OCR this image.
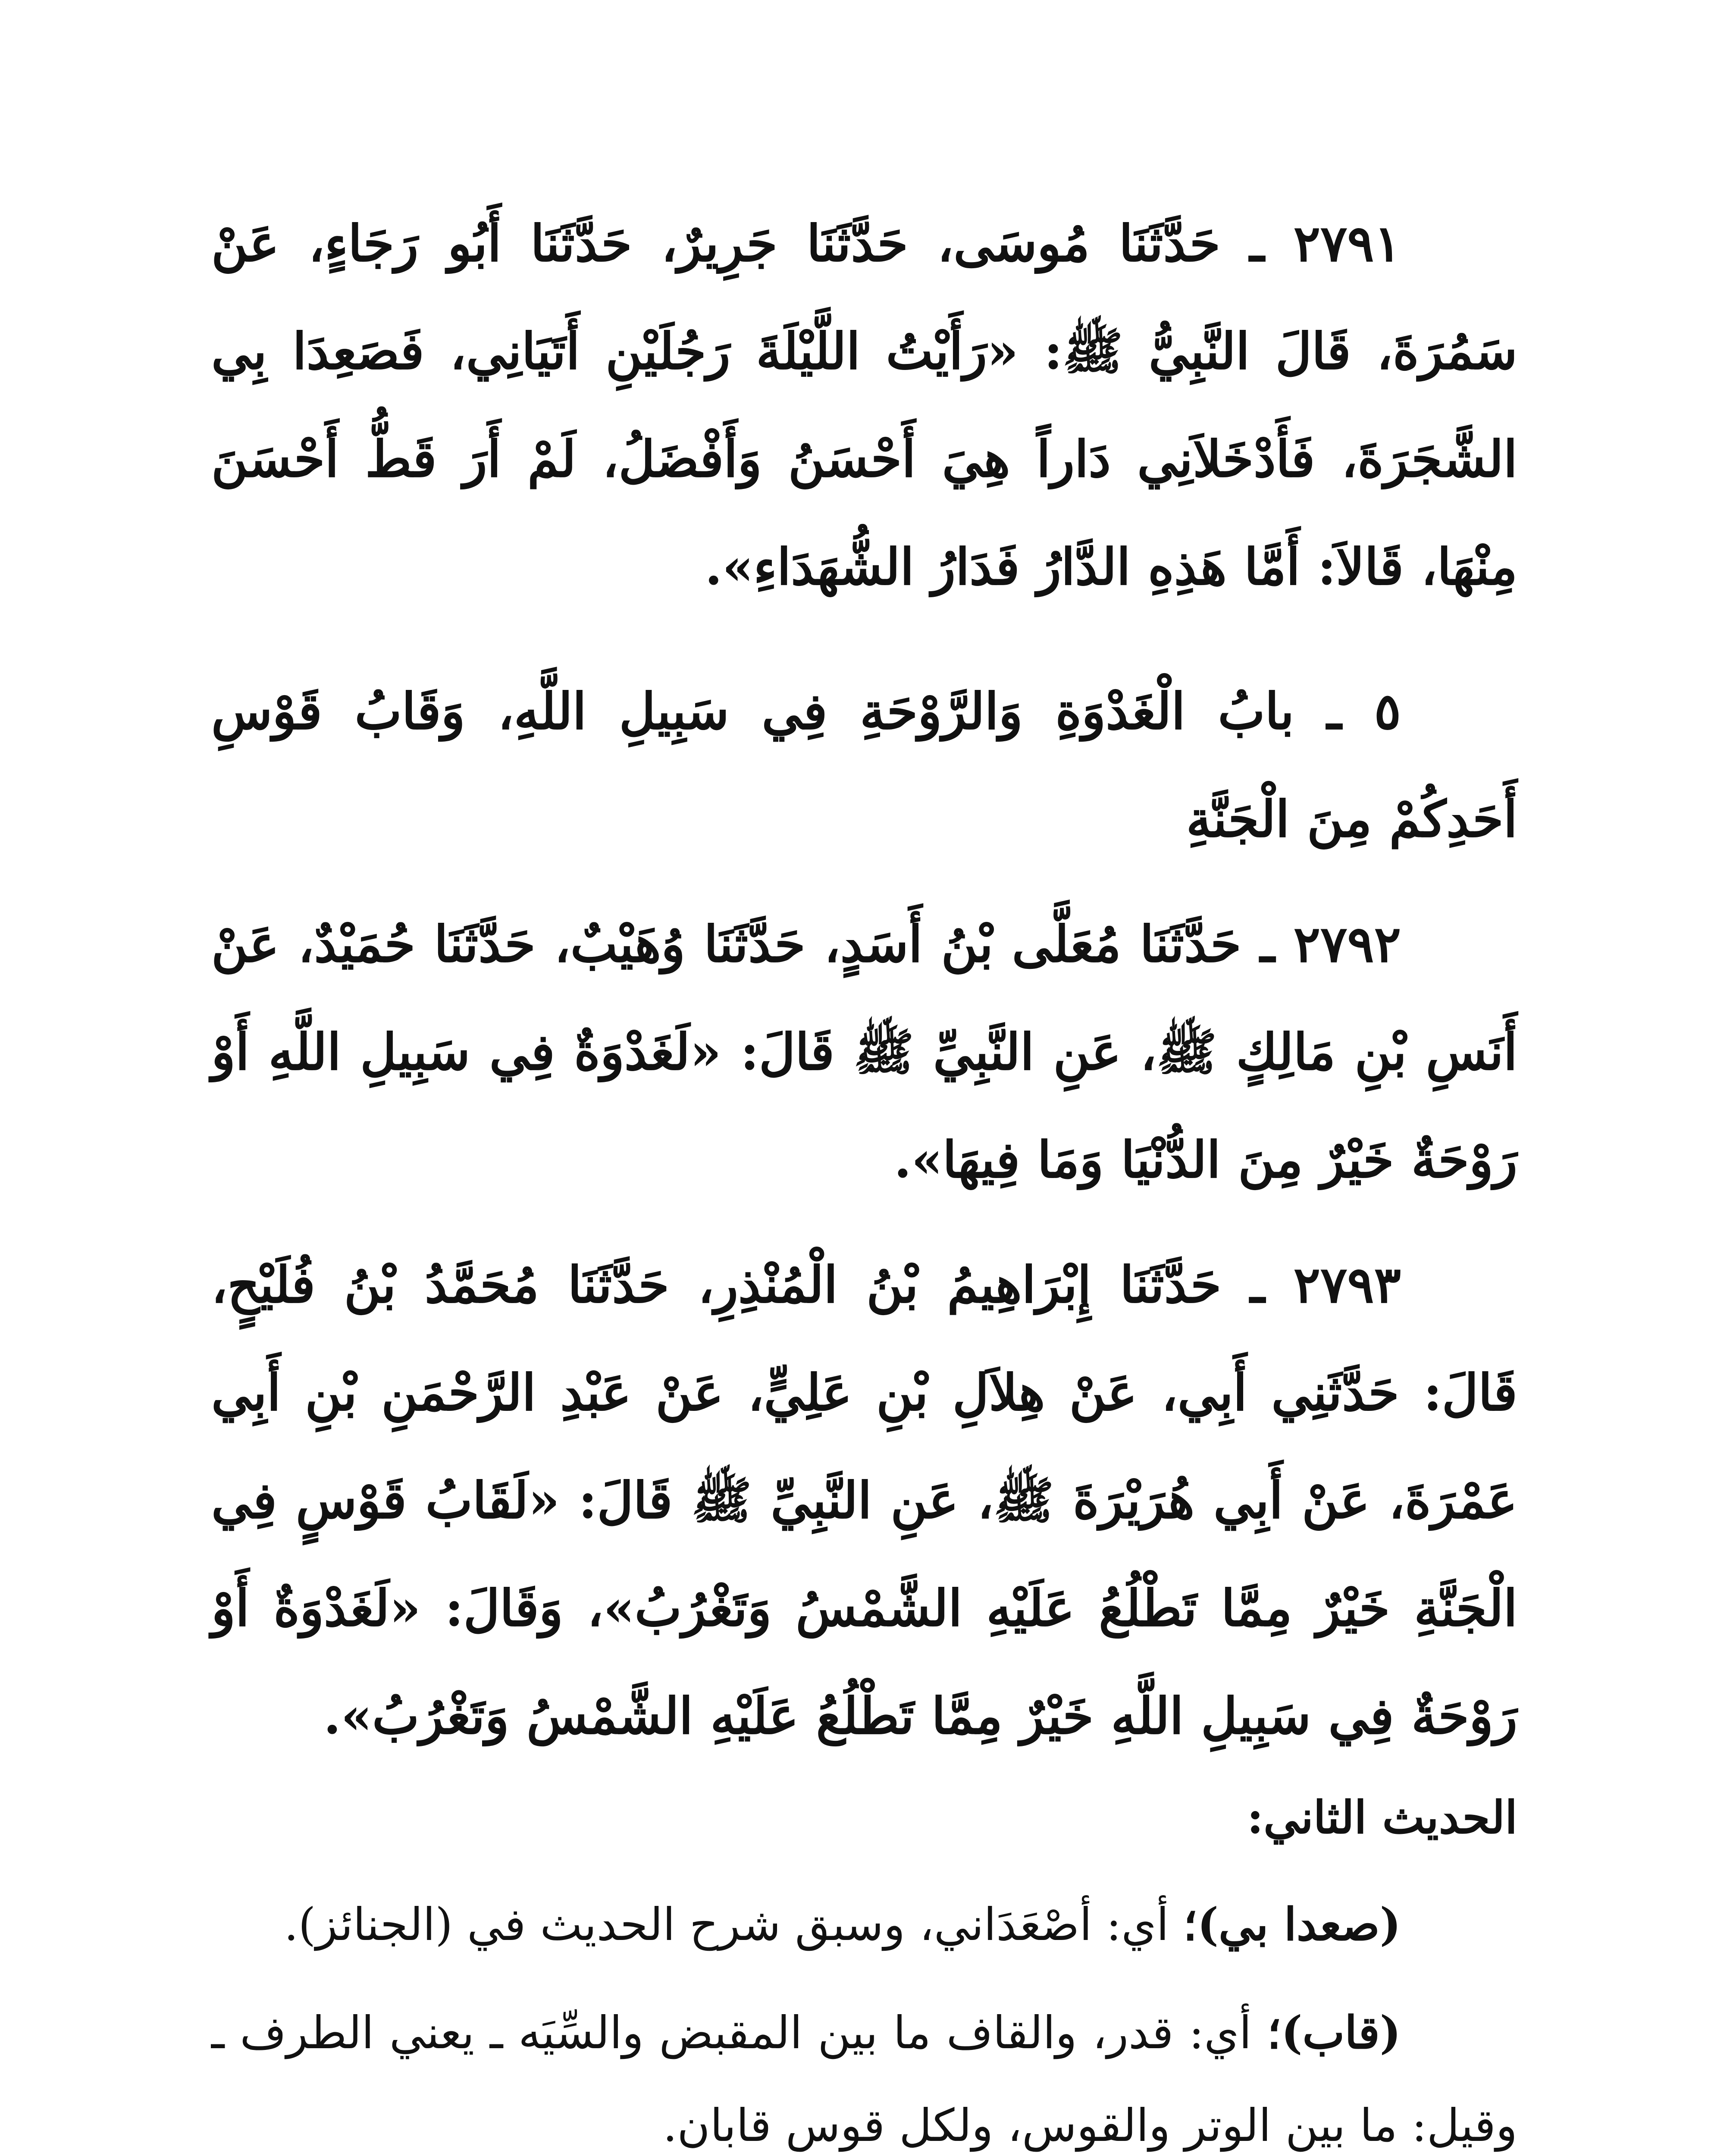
٢٧٩١ ـ حَدَّثَنَا مُوسَى، حَدَّثَنَا جَرِيرٌ، حَدَّثَنَا أَبُو رَجَاءٍ، عَنْ سَمُرَةَ، قَالَ النَّبِيُّ ﷺ: «رَأَيْتُ اللَّيْلَةَ رَجُلَيْنِ أَتَيَانِي، فَصَعِدَا بِي الشَّجَرَةَ، فَأَدْخَلاَنِي دَاراً هِيَ أَحْسَنُ وَأَفْضَلُ، لَمْ أَرَ قَطُّ أَحْسَنَ مِنْهَا، قَالاَ: أَمَّا هَذِهِ الدَّارُ فَدَارُ الشُّهَدَاءِ».

٥ ـ بابُ الْغَدْوَةِ وَالرَّوْحَةِ فِي سَبِيلِ اللَّهِ، وَقَابُ قَوْسِ أَحَدِكُمْ مِنَ الْجَنَّةِ

٢٧٩٢ ـ حَدَّثَنَا مُعَلَّى بْنُ أَسَدٍ، حَدَّثَنَا وُهَيْبٌ، حَدَّثَنَا حُمَيْدٌ، عَنْ أَنَسِ بْنِ مَالِكٍ ﷺ، عَنِ النَّبِيِّ ﷺ قَالَ: «لَغَدْوَةٌ فِي سَبِيلِ اللَّهِ أَوْ رَوْحَةٌ خَيْرٌ مِنَ الدُّنْيَا وَمَا فِيهَا».

٢٧٩٣ ـ حَدَّثَنَا إِبْرَاهِيمُ بْنُ الْمُنْذِرِ، حَدَّثَنَا مُحَمَّدُ بْنُ فُلَيْحٍ، قَالَ: حَدَّثَنِي أَبِي، عَنْ هِلاَلِ بْنِ عَلِيٍّ، عَنْ عَبْدِ الرَّحْمَنِ بْنِ أَبِي عَمْرَةَ، عَنْ أَبِي هُرَيْرَةَ ﷺ، عَنِ النَّبِيِّ ﷺ قَالَ: «لَقَابُ قَوْسٍ فِي الْجَنَّةِ خَيْرٌ مِمَّا تَطْلُعُ عَلَيْهِ الشَّمْسُ وَتَغْرُبُ»، وَقَالَ: «لَغَدْوَةٌ أَوْ رَوْحَةٌ فِي سَبِيلِ اللَّهِ خَيْرٌ مِمَّا تَطْلُعُ عَلَيْهِ الشَّمْسُ وَتَغْرُبُ».

الحديث الثاني:

(صعدا بي)؛ أي: أصْعَدَاني، وسبق شرح الحديث في (الجنائز).

(قاب)؛ أي: قدر، والقاف ما بين المقبض والسِّيَه ـ يعني الطرف ـ وقيل: ما بين الوتر والقوس، ولكل قوس قابان.
